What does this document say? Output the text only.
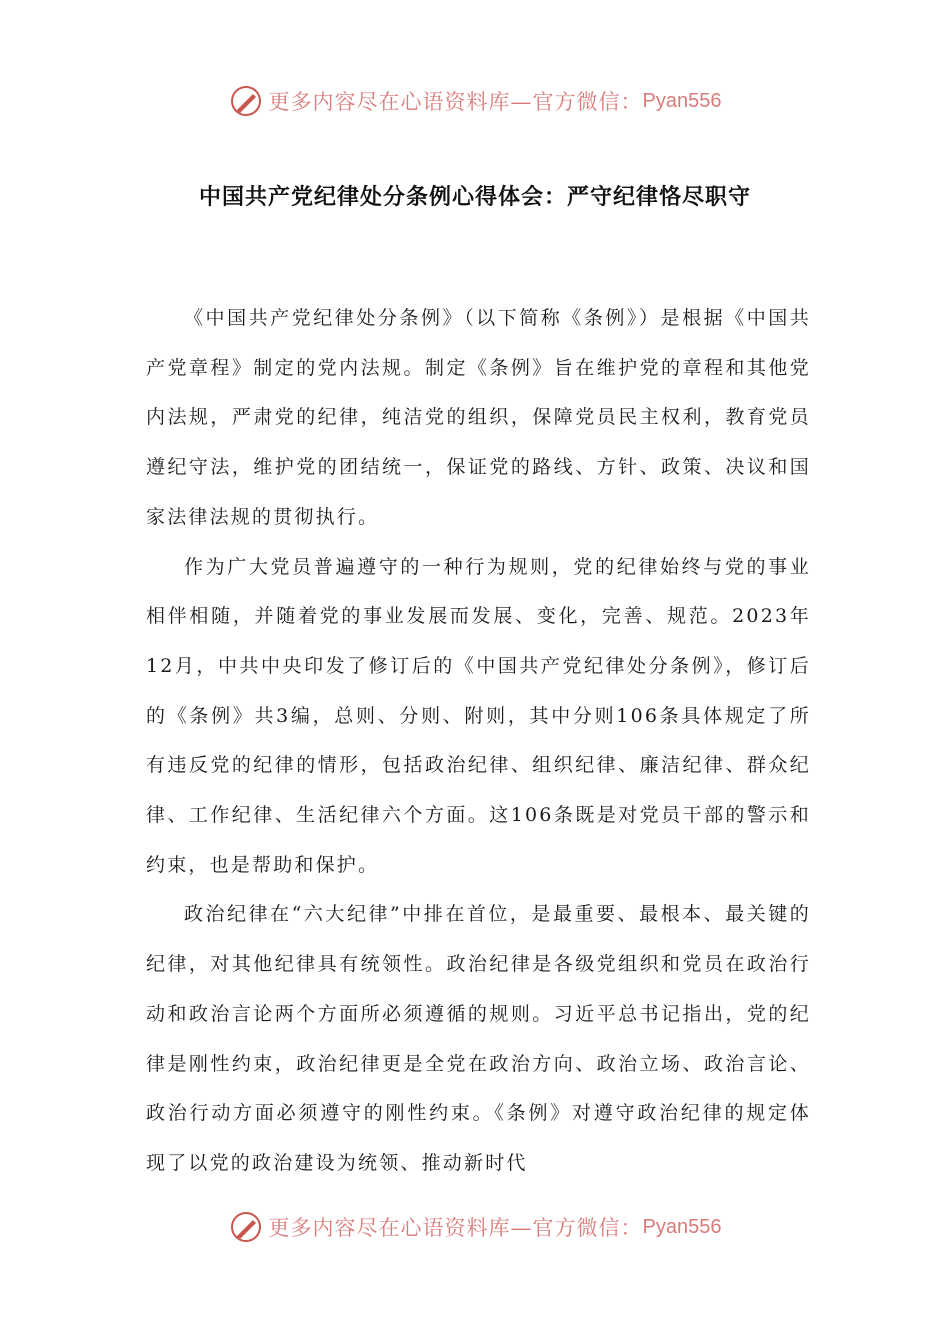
更多内容尽在心语资料库—官方微信： Pyan556
中国共产党纪律处分条例心得体会：严守纪律恪尽职守

《中国共产党纪律处分条例》（以下简称《条例》）是根据《中国共产党章程》制定的党内法规。制定《条例》旨在维护党的章程和其他党内法规，严肃党的纪律，纯洁党的组织，保障党员民主权利，教育党员遵纪守法，维护党的团结统一，保证党的路线、方针、政策、决议和国家法律法规的贯彻执行。

作为广大党员普遍遵守的一种行为规则，党的纪律始终与党的事业相伴相随，并随着党的事业发展而发展、变化，完善、规范。2023年12月，中共中央印发了修订后的《中国共产党纪律处分条例》，修订后的《条例》共3编，总则、分则、附则，其中分则106条具体规定了所有违反党的纪律的情形，包括政治纪律、组织纪律、廉洁纪律、群众纪律、工作纪律、生活纪律六个方面。这106条既是对党员干部的警示和约束，也是帮助和保护。

政治纪律在“六大纪律”中排在首位，是最重要、最根本、最关键的纪律，对其他纪律具有统领性。政治纪律是各级党组织和党员在政治行动和政治言论两个方面所必须遵循的规则。习近平总书记指出，党的纪律是刚性约束，政治纪律更是全党在政治方向、政治立场、政治言论、政治行动方面必须遵守的刚性约束。《条例》对遵守政治纪律的规定体现了以党的政治建设为统领、推动新时代

更多内容尽在心语资料库—官方微信： Pyan556
